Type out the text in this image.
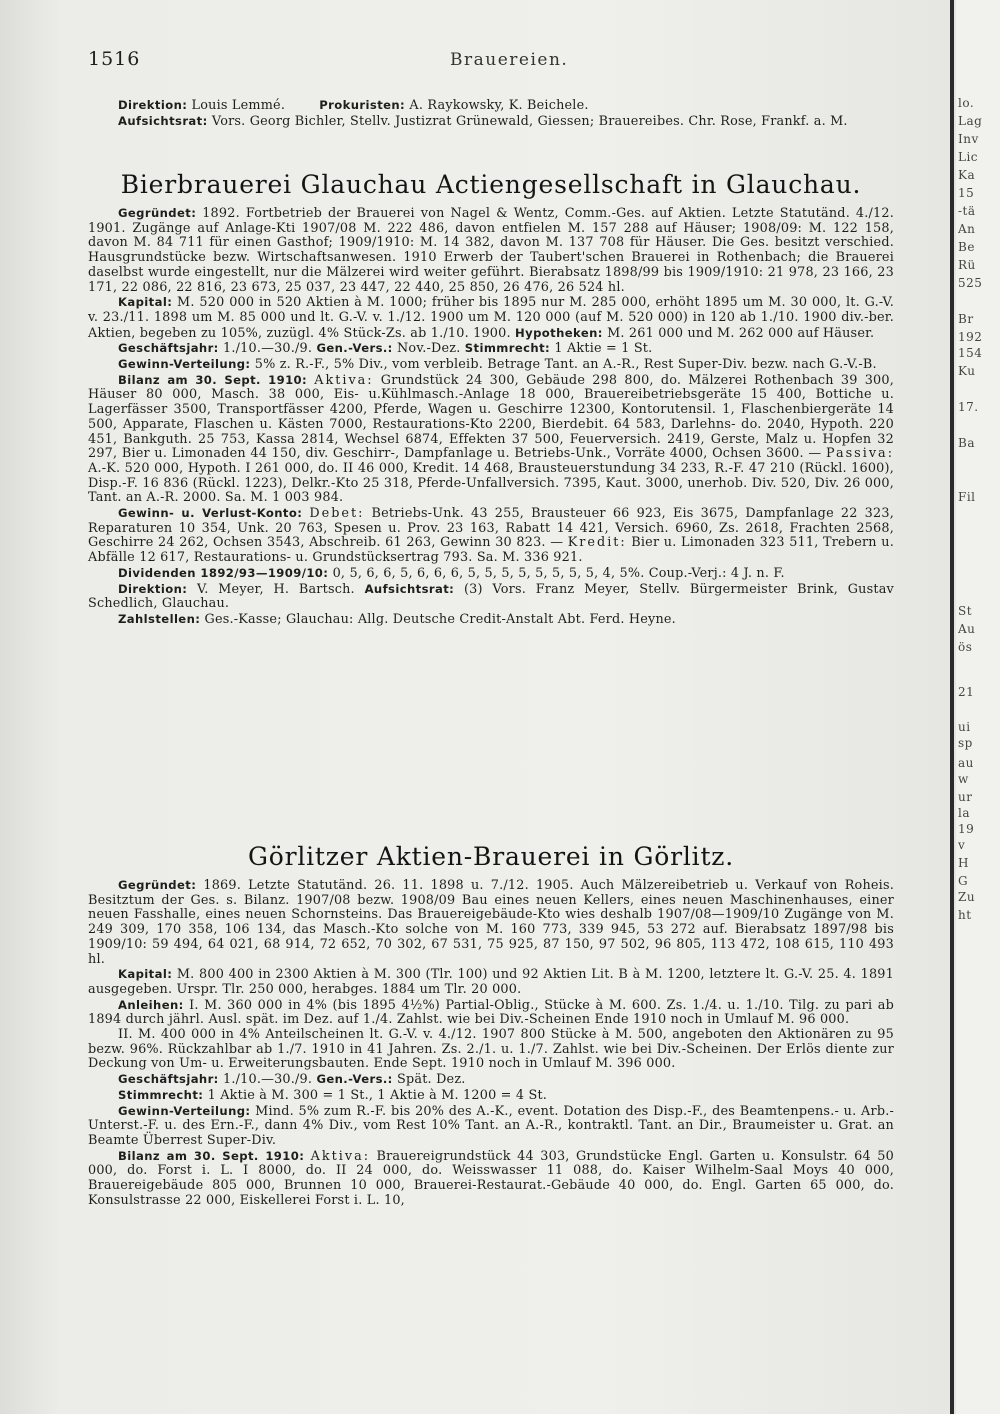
lo.
Lag
Inv
Lic
Ka
15
-tä
An
Be
Rü
525
Br
192
154
Ku
17.
Ba
Fil
St
Au
ös
21
ui
sp
au
w
ur
la
19
v
H
G
Zu
ht
1516	Brauereien.

Direktion: Louis Lemmé.	Prokuristen: A. Raykowsky, K. Beichele.

Aufsichtsrat: Vors. Georg Bichler, Stellv. Justizrat Grünewald, Giessen; Brauereibes. Chr. Rose, Frankf. a. M.

Bierbrauerei Glauchau Actiengesellschaft in Glauchau.

Gegründet: 1892. Fortbetrieb der Brauerei von Nagel & Wentz, Comm.-Ges. auf Aktien. Letzte Statutänd. 4./12. 1901. Zugänge auf Anlage-Kti 1907/08 M. 222 486, davon entfielen M. 157 288 auf Häuser; 1908/09: M. 122 158, davon M. 84 711 für einen Gasthof; 1909/1910: M. 14 382, davon M. 137 708 für Häuser. Die Ges. besitzt verschied. Hausgrundstücke bezw. Wirtschaftsanwesen. 1910 Erwerb der Taubert'schen Brauerei in Rothenbach; die Brauerei daselbst wurde eingestellt, nur die Mälzerei wird weiter geführt. Bierabsatz 1898/99 bis 1909/1910: 21 978, 23 166, 23 171, 22 086, 22 816, 23 673, 25 037, 23 447, 22 440, 25 850, 26 476, 26 524 hl.

Kapital: M. 520 000 in 520 Aktien à M. 1000; früher bis 1895 nur M. 285 000, erhöht 1895 um M. 30 000, lt. G.-V. v. 23./11. 1898 um M. 85 000 und lt. G.-V. v. 1./12. 1900 um M. 120 000 (auf M. 520 000) in 120 ab 1./10. 1900 div.-ber. Aktien, begeben zu 105%, zuzügl. 4% Stück-Zs. ab 1./10. 1900. Hypotheken: M. 261 000 und M. 262 000 auf Häuser.

Geschäftsjahr: 1./10.—30./9. Gen.-Vers.: Nov.-Dez. Stimmrecht: 1 Aktie = 1 St.

Gewinn-Verteilung: 5% z. R.-F., 5% Div., vom verbleib. Betrage Tant. an A.-R., Rest Super-Div. bezw. nach G.-V.-B.

Bilanz am 30. Sept. 1910: Aktiva: Grundstück 24 300, Gebäude 298 800, do. Mälzerei Rothenbach 39 300, Häuser 80 000, Masch. 38 000, Eis- u.Kühlmasch.-Anlage 18 000, Brauereibetriebsgeräte 15 400, Bottiche u. Lagerfässer 3500, Transportfässer 4200, Pferde, Wagen u. Geschirre 12300, Kontorutensil. 1, Flaschenbiergeräte 14 500, Apparate, Flaschen u. Kästen 7000, Restaurations-Kto 2200, Bierdebit. 64 583, Darlehns- do. 2040, Hypoth. 220 451, Bankguth. 25 753, Kassa 2814, Wechsel 6874, Effekten 37 500, Feuerversich. 2419, Gerste, Malz u. Hopfen 32 297, Bier u. Limonaden 44 150, div. Geschirr-, Dampfanlage u. Betriebs-Unk., Vorräte 4000, Ochsen 3600. — Passiva: A.-K. 520 000, Hypoth. I 261 000, do. II 46 000, Kredit. 14 468, Brausteuerstundung 34 233, R.-F. 47 210 (Rückl. 1600), Disp.-F. 16 836 (Rückl. 1223), Delkr.-Kto 25 318, Pferde-Unfallversich. 7395, Kaut. 3000, unerhob. Div. 520, Div. 26 000, Tant. an A.-R. 2000. Sa. M. 1 003 984.

Gewinn- u. Verlust-Konto: Debet: Betriebs-Unk. 43 255, Brausteuer 66 923, Eis 3675, Dampfanlage 22 323, Reparaturen 10 354, Unk. 20 763, Spesen u. Prov. 23 163, Rabatt 14 421, Versich. 6960, Zs. 2618, Frachten 2568, Geschirre 24 262, Ochsen 3543, Abschreib. 61 263, Gewinn 30 823. — Kredit: Bier u. Limonaden 323 511, Trebern u. Abfälle 12 617, Restaurations- u. Grundstücksertrag 793. Sa. M. 336 921.

Dividenden 1892/93—1909/10: 0, 5, 6, 6, 5, 6, 6, 6, 5, 5, 5, 5, 5, 5, 5, 5, 4, 5%. Coup.-Verj.: 4 J. n. F.

Direktion: V. Meyer, H. Bartsch. Aufsichtsrat: (3) Vors. Franz Meyer, Stellv. Bürgermeister Brink, Gustav Schedlich, Glauchau.

Zahlstellen: Ges.-Kasse; Glauchau: Allg. Deutsche Credit-Anstalt Abt. Ferd. Heyne.

Görlitzer Aktien-Brauerei in Görlitz.

Gegründet: 1869. Letzte Statutänd. 26. 11. 1898 u. 7./12. 1905. Auch Mälzereibetrieb u. Verkauf von Roheis. Besitztum der Ges. s. Bilanz. 1907/08 bezw. 1908/09 Bau eines neuen Kellers, eines neuen Maschinenhauses, einer neuen Fasshalle, eines neuen Schornsteins. Das Brauereigebäude-Kto wies deshalb 1907/08—1909/10 Zugänge von M. 249 309, 170 358, 106 134, das Masch.-Kto solche von M. 160 773, 339 945, 53 272 auf. Bierabsatz 1897/98 bis 1909/10: 59 494, 64 021, 68 914, 72 652, 70 302, 67 531, 75 925, 87 150, 97 502, 96 805, 113 472, 108 615, 110 493 hl.

Kapital: M. 800 400 in 2300 Aktien à M. 300 (Tlr. 100) und 92 Aktien Lit. B à M. 1200, letztere lt. G.-V. 25. 4. 1891 ausgegeben. Urspr. Tlr. 250 000, herabges. 1884 um Tlr. 20 000.

Anleihen: I. M. 360 000 in 4% (bis 1895 4½%) Partial-Oblig., Stücke à M. 600. Zs. 1./4. u. 1./10. Tilg. zu pari ab 1894 durch jährl. Ausl. spät. im Dez. auf 1./4. Zahlst. wie bei Div.-Scheinen Ende 1910 noch in Umlauf M. 96 000.

II. M. 400 000 in 4% Anteilscheinen lt. G.-V. v. 4./12. 1907 800 Stücke à M. 500, angeboten den Aktionären zu 95 bezw. 96%. Rückzahlbar ab 1./7. 1910 in 41 Jahren. Zs. 2./1. u. 1./7. Zahlst. wie bei Div.-Scheinen. Der Erlös diente zur Deckung von Um- u. Erweiterungsbauten. Ende Sept. 1910 noch in Umlauf M. 396 000.

Geschäftsjahr: 1./10.—30./9. Gen.-Vers.: Spät. Dez.

Stimmrecht: 1 Aktie à M. 300 = 1 St., 1 Aktie à M. 1200 = 4 St.

Gewinn-Verteilung: Mind. 5% zum R.-F. bis 20% des A.-K., event. Dotation des Disp.-F., des Beamtenpens.- u. Arb.-Unterst.-F. u. des Ern.-F., dann 4% Div., vom Rest 10% Tant. an A.-R., kontraktl. Tant. an Dir., Braumeister u. Grat. an Beamte Überrest Super-Div.

Bilanz am 30. Sept. 1910: Aktiva: Brauereigrundstück 44 303, Grundstücke Engl. Garten u. Konsulstr. 64 50 000, do. Forst i. L. I 8000, do. II 24 000, do. Weisswasser 11 088, do. Kaiser Wilhelm-Saal Moys 40 000, Brauereigebäude 805 000, Brunnen 10 000, Brauerei-Restaurat.-Gebäude 40 000, do. Engl. Garten 65 000, do. Konsulstrasse 22 000, Eiskellerei Forst i. L. 10,
